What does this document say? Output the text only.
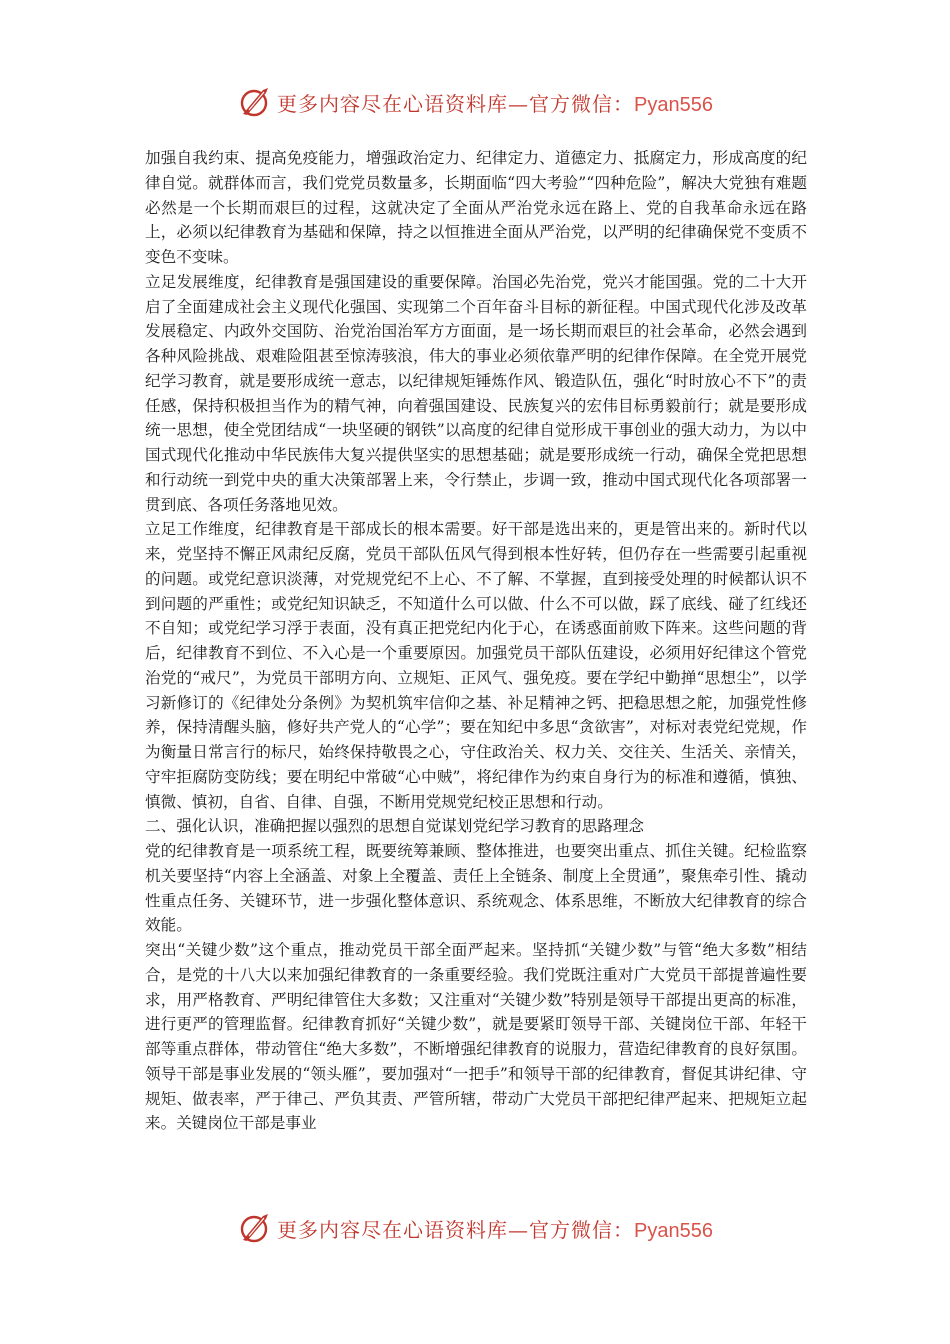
更多内容尽在心语资料库—官方微信：Pyan556

加强自我约束、提高免疫能力，增强政治定力、纪律定力、道德定力、抵腐定力，形成高度的纪律自觉。就群体而言，我们党党员数量多，长期面临“四大考验”“四种危险”，解决大党独有难题必然是一个长期而艰巨的过程，这就决定了全面从严治党永远在路上、党的自我革命永远在路上，必须以纪律教育为基础和保障，持之以恒推进全面从严治党，以严明的纪律确保党不变质不变色不变味。

立足发展维度，纪律教育是强国建设的重要保障。治国必先治党，党兴才能国强。党的二十大开启了全面建成社会主义现代化强国、实现第二个百年奋斗目标的新征程。中国式现代化涉及改革发展稳定、内政外交国防、治党治国治军方方面面，是一场长期而艰巨的社会革命，必然会遇到各种风险挑战、艰难险阻甚至惊涛骇浪，伟大的事业必须依靠严明的纪律作保障。在全党开展党纪学习教育，就是要形成统一意志，以纪律规矩锤炼作风、锻造队伍，强化“时时放心不下”的责任感，保持积极担当作为的精气神，向着强国建设、民族复兴的宏伟目标勇毅前行；就是要形成统一思想，使全党团结成“一块坚硬的钢铁”以高度的纪律自觉形成干事创业的强大动力，为以中国式现代化推动中华民族伟大复兴提供坚实的思想基础；就是要形成统一行动，确保全党把思想和行动统一到党中央的重大决策部署上来，令行禁止，步调一致，推动中国式现代化各项部署一贯到底、各项任务落地见效。

立足工作维度，纪律教育是干部成长的根本需要。好干部是选出来的，更是管出来的。新时代以来，党坚持不懈正风肃纪反腐，党员干部队伍风气得到根本性好转，但仍存在一些需要引起重视的问题。或党纪意识淡薄，对党规党纪不上心、不了解、不掌握，直到接受处理的时候都认识不到问题的严重性；或党纪知识缺乏，不知道什么可以做、什么不可以做，踩了底线、碰了红线还不自知；或党纪学习浮于表面，没有真正把党纪内化于心，在诱惑面前败下阵来。这些问题的背后，纪律教育不到位、不入心是一个重要原因。加强党员干部队伍建设，必须用好纪律这个管党治党的“戒尺”，为党员干部明方向、立规矩、正风气、强免疫。要在学纪中勤掸“思想尘”，以学习新修订的《纪律处分条例》为契机筑牢信仰之基、补足精神之钙、把稳思想之舵，加强党性修养，保持清醒头脑，修好共产党人的“心学”；要在知纪中多思“贪欲害”，对标对表党纪党规，作为衡量日常言行的标尺，始终保持敬畏之心，守住政治关、权力关、交往关、生活关、亲情关，守牢拒腐防变防线；要在明纪中常破“心中贼”，将纪律作为约束自身行为的标准和遵循，慎独、慎微、慎初，自省、自律、自强，不断用党规党纪校正思想和行动。

二、强化认识，准确把握以强烈的思想自觉谋划党纪学习教育的思路理念

党的纪律教育是一项系统工程，既要统筹兼顾、整体推进，也要突出重点、抓住关键。纪检监察机关要坚持“内容上全涵盖、对象上全覆盖、责任上全链条、制度上全贯通”，聚焦牵引性、撬动性重点任务、关键环节，进一步强化整体意识、系统观念、体系思维，不断放大纪律教育的综合效能。

突出“关键少数”这个重点，推动党员干部全面严起来。坚持抓“关键少数”与管“绝大多数”相结合，是党的十八大以来加强纪律教育的一条重要经验。我们党既注重对广大党员干部提普遍性要求，用严格教育、严明纪律管住大多数；又注重对“关键少数”特别是领导干部提出更高的标准，进行更严的管理监督。纪律教育抓好“关键少数”，就是要紧盯领导干部、关键岗位干部、年轻干部等重点群体，带动管住“绝大多数”，不断增强纪律教育的说服力，营造纪律教育的良好氛围。领导干部是事业发展的“领头雁”，要加强对“一把手”和领导干部的纪律教育，督促其讲纪律、守规矩、做表率，严于律己、严负其责、严管所辖，带动广大党员干部把纪律严起来、把规矩立起来。关键岗位干部是事业

更多内容尽在心语资料库—官方微信：Pyan556
